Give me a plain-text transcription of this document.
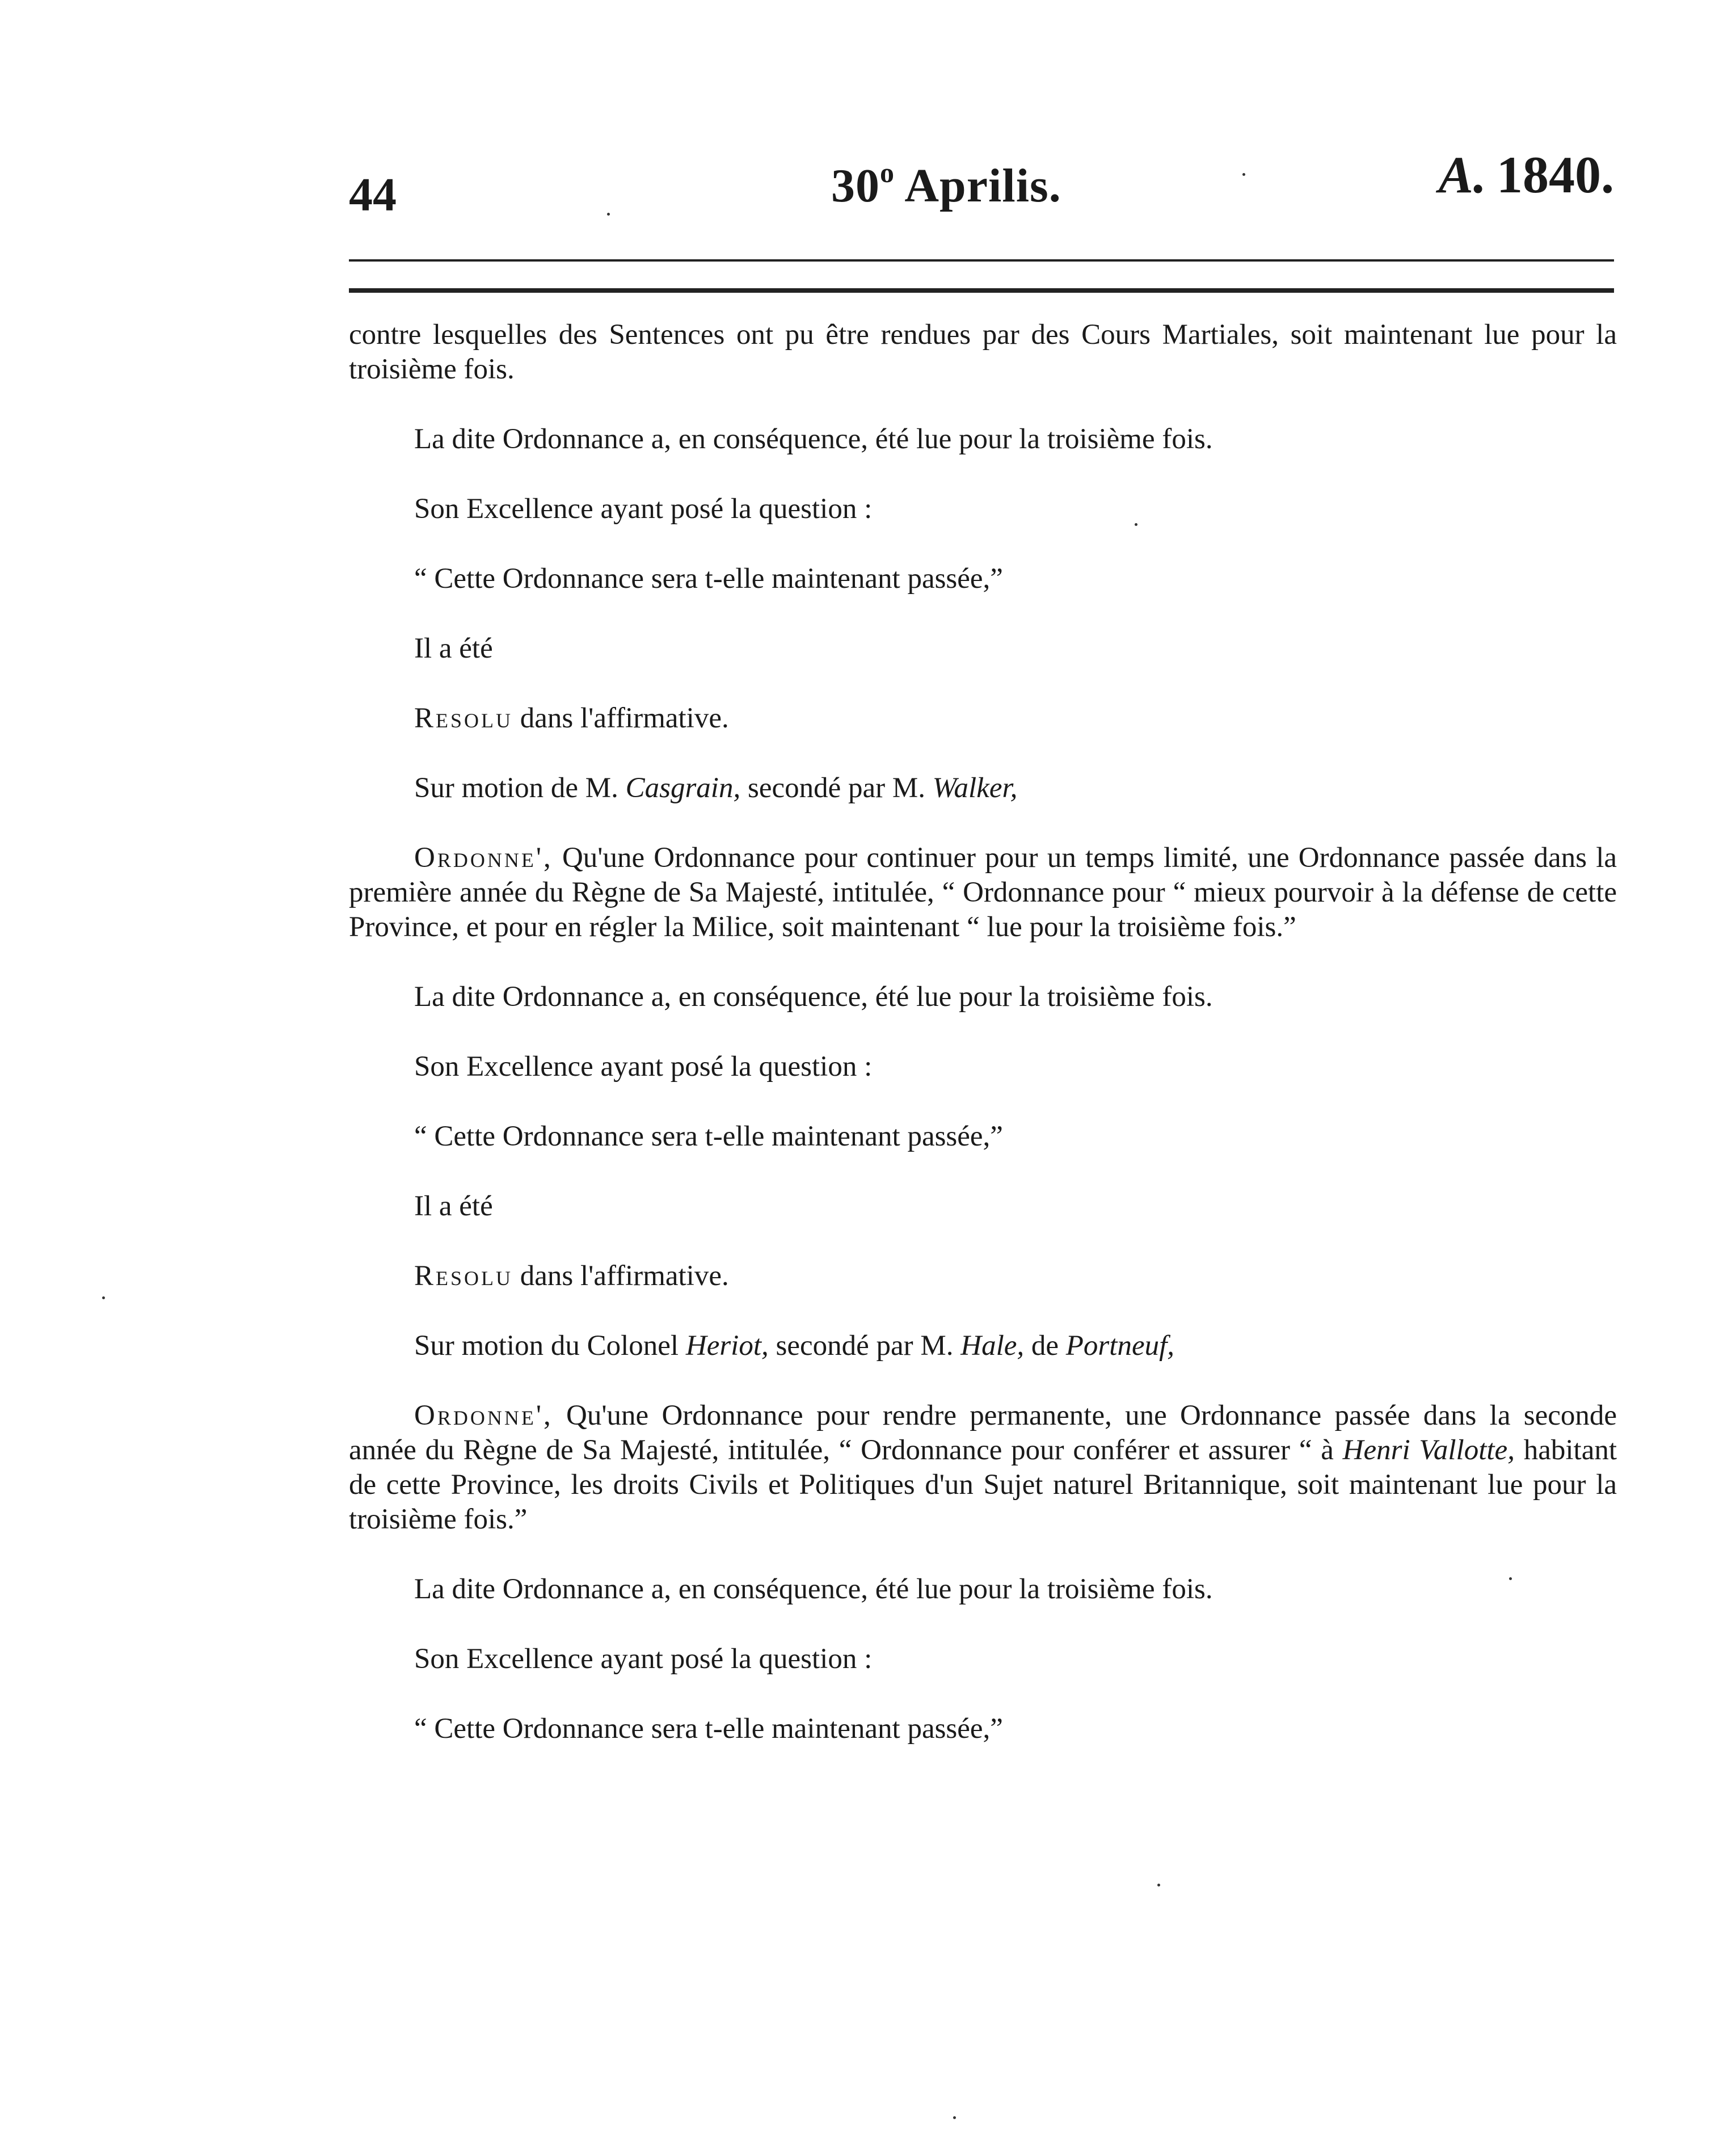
44	30$^o$ Aprilis.	A. 1840.

contre lesquelles des Sentences ont pu être rendues par des Cours Martiales, soit maintenant lue pour la troisième fois.

La dite Ordonnance a, en conséquence, été lue pour la troisième fois.

Son Excellence ayant posé la question :

“ Cette Ordonnance sera t-elle maintenant passée,”

Il a été

Resolu dans l'affirmative.

Sur motion de M. Casgrain, secondé par M. Walker,

Ordonne', Qu'une Ordonnance pour continuer pour un temps limité, une Ordonnance passée dans la première année du Règne de Sa Majesté, intitulée, “ Ordonnance pour “ mieux pourvoir à la défense de cette Province, et pour en régler la Milice, soit maintenant “ lue pour la troisième fois.”

La dite Ordonnance a, en conséquence, été lue pour la troisième fois.

Son Excellence ayant posé la question :

“ Cette Ordonnance sera t-elle maintenant passée,”

Il a été

Resolu dans l'affirmative.

Sur motion du Colonel Heriot, secondé par M. Hale, de Portneuf,

Ordonne', Qu'une Ordonnance pour rendre permanente, une Ordonnance passée dans la seconde année du Règne de Sa Majesté, intitulée, “ Ordonnance pour conférer et assurer “ à Henri Vallotte, habitant de cette Province, les droits Civils et Politiques d'un Sujet naturel Britannique, soit maintenant lue pour la troisième fois.”

La dite Ordonnance a, en conséquence, été lue pour la troisième fois.

Son Excellence ayant posé la question :

“ Cette Ordonnance sera t-elle maintenant passée,”
